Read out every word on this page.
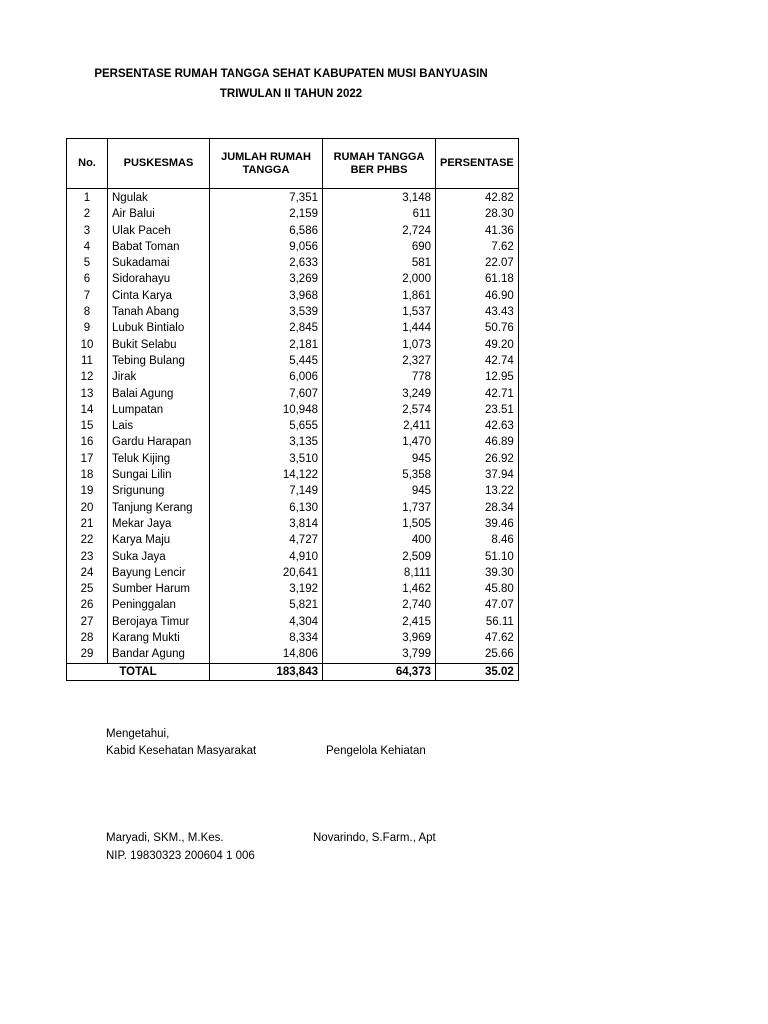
PERSENTASE RUMAH TANGGA SEHAT KABUPATEN MUSI BANYUASIN
TRIWULAN II TAHUN 2022
No.	PUSKESMAS	JUMLAH RUMAH TANGGA	RUMAH TANGGA BER PHBS	PERSENTASE
1	Ngulak	7,351	3,148	42.82
2	Air Balui	2,159	611	28.30
3	Ulak Paceh	6,586	2,724	41.36
4	Babat Toman	9,056	690	7.62
5	Sukadamai	2,633	581	22.07
6	Sidorahayu	3,269	2,000	61.18
7	Cinta Karya	3,968	1,861	46.90
8	Tanah Abang	3,539	1,537	43.43
9	Lubuk Bintialo	2,845	1,444	50.76
10	Bukit Selabu	2,181	1,073	49.20
11	Tebing Bulang	5,445	2,327	42.74
12	Jirak	6,006	778	12.95
13	Balai Agung	7,607	3,249	42.71
14	Lumpatan	10,948	2,574	23.51
15	Lais	5,655	2,411	42.63
16	Gardu Harapan	3,135	1,470	46.89
17	Teluk Kijing	3,510	945	26.92
18	Sungai Lilin	14,122	5,358	37.94
19	Srigunung	7,149	945	13.22
20	Tanjung Kerang	6,130	1,737	28.34
21	Mekar Jaya	3,814	1,505	39.46
22	Karya Maju	4,727	400	8.46
23	Suka Jaya	4,910	2,509	51.10
24	Bayung Lencir	20,641	8,111	39.30
25	Sumber Harum	3,192	1,462	45.80
26	Peninggalan	5,821	2,740	47.07
27	Berojaya Timur	4,304	2,415	56.11
28	Karang Mukti	8,334	3,969	47.62
29	Bandar Agung	14,806	3,799	25.66
TOTAL		183,843	64,373	35.02
Mengetahui,
Kabid Kesehatan Masyarakat	Pengelola Kehiatan
Maryadi, SKM., M.Kes.	Novarindo, S.Farm., Apt
NIP. 19830323 200604 1 006
